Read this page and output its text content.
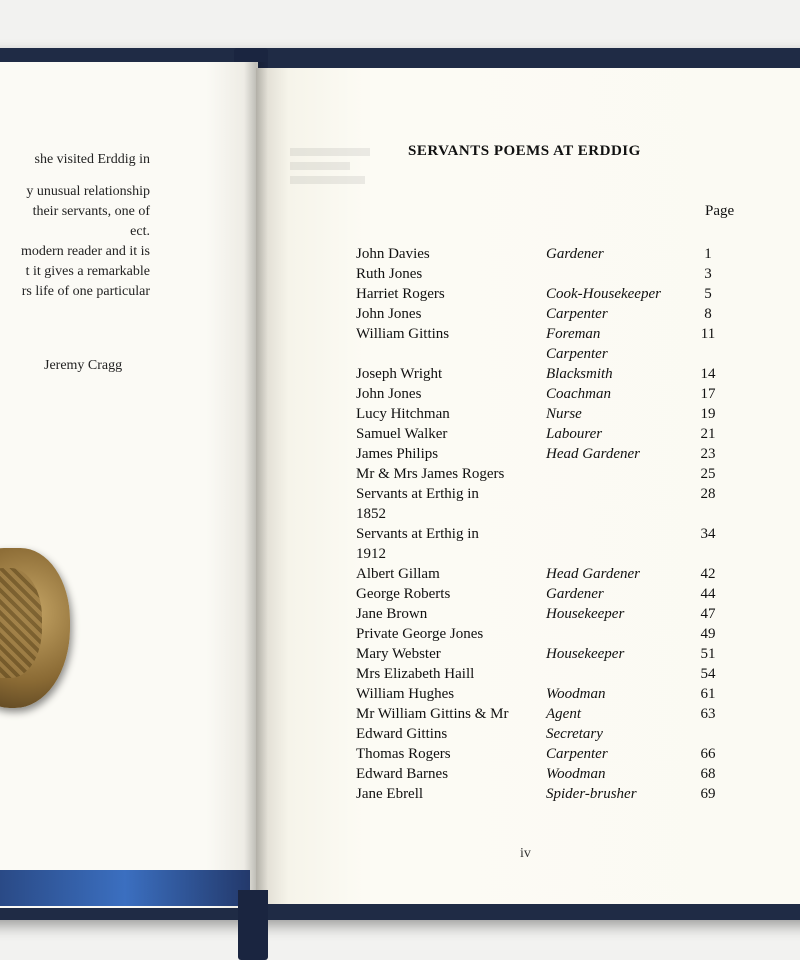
she visited Erddig in
y unusual relationship
their servants, one of
ect.
modern reader and it is
t it gives a remarkable
rs life of one particular
Jeremy Cragg
SERVANTS POEMS AT ERDDIG
Page
John Davies	Gardener	1
Ruth Jones	3
Harriet Rogers	Cook-Housekeeper	5
John Jones	Carpenter	8
William Gittins	Foreman	11
Carpenter
Joseph Wright	Blacksmith	14
John Jones	Coachman	17
Lucy Hitchman	Nurse	19
Samuel Walker	Labourer	21
James Philips	Head Gardener	23
Mr & Mrs James Rogers	25
Servants at Erthig in	28
1852
Servants at Erthig in	34
1912
Albert Gillam	Head Gardener	42
George Roberts	Gardener	44
Jane Brown	Housekeeper	47
Private George Jones	49
Mary Webster	Housekeeper	51
Mrs Elizabeth Haill	54
William Hughes	Woodman	61
Mr William Gittins & Mr	Agent	63
Edward Gittins	Secretary
Thomas Rogers	Carpenter	66
Edward Barnes	Woodman	68
Jane Ebrell	Spider-brusher	69
iv
